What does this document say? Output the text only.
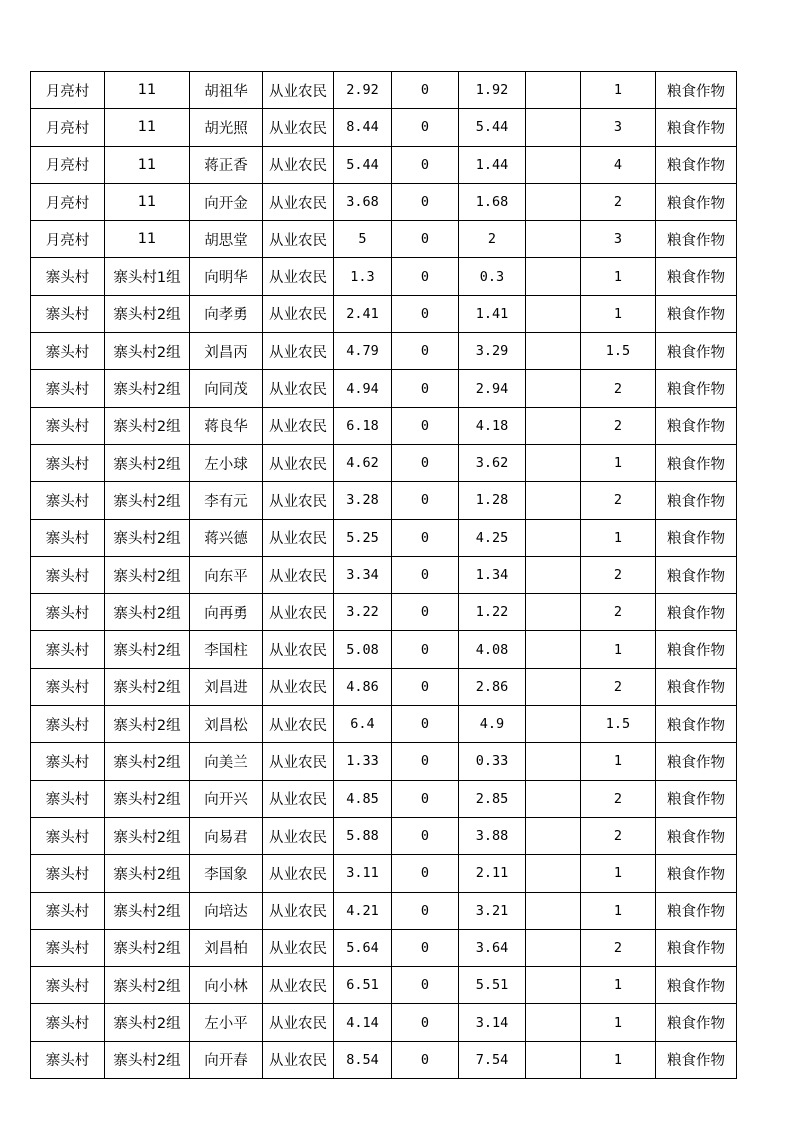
月亮村	11	胡祖华	从业农民	2.92	0	1.92		1	粮食作物
月亮村	11	胡光照	从业农民	8.44	0	5.44		3	粮食作物
月亮村	11	蒋正香	从业农民	5.44	0	1.44		4	粮食作物
月亮村	11	向开金	从业农民	3.68	0	1.68		2	粮食作物
月亮村	11	胡思堂	从业农民	5	0	2		3	粮食作物
寨头村	寨头村1组	向明华	从业农民	1.3	0	0.3		1	粮食作物
寨头村	寨头村2组	向孝勇	从业农民	2.41	0	1.41		1	粮食作物
寨头村	寨头村2组	刘昌丙	从业农民	4.79	0	3.29		1.5	粮食作物
寨头村	寨头村2组	向同茂	从业农民	4.94	0	2.94		2	粮食作物
寨头村	寨头村2组	蒋良华	从业农民	6.18	0	4.18		2	粮食作物
寨头村	寨头村2组	左小球	从业农民	4.62	0	3.62		1	粮食作物
寨头村	寨头村2组	李有元	从业农民	3.28	0	1.28		2	粮食作物
寨头村	寨头村2组	蒋兴德	从业农民	5.25	0	4.25		1	粮食作物
寨头村	寨头村2组	向东平	从业农民	3.34	0	1.34		2	粮食作物
寨头村	寨头村2组	向再勇	从业农民	3.22	0	1.22		2	粮食作物
寨头村	寨头村2组	李国柱	从业农民	5.08	0	4.08		1	粮食作物
寨头村	寨头村2组	刘昌进	从业农民	4.86	0	2.86		2	粮食作物
寨头村	寨头村2组	刘昌松	从业农民	6.4	0	4.9		1.5	粮食作物
寨头村	寨头村2组	向美兰	从业农民	1.33	0	0.33		1	粮食作物
寨头村	寨头村2组	向开兴	从业农民	4.85	0	2.85		2	粮食作物
寨头村	寨头村2组	向易君	从业农民	5.88	0	3.88		2	粮食作物
寨头村	寨头村2组	李国象	从业农民	3.11	0	2.11		1	粮食作物
寨头村	寨头村2组	向培达	从业农民	4.21	0	3.21		1	粮食作物
寨头村	寨头村2组	刘昌柏	从业农民	5.64	0	3.64		2	粮食作物
寨头村	寨头村2组	向小林	从业农民	6.51	0	5.51		1	粮食作物
寨头村	寨头村2组	左小平	从业农民	4.14	0	3.14		1	粮食作物
寨头村	寨头村2组	向开春	从业农民	8.54	0	7.54		1	粮食作物
